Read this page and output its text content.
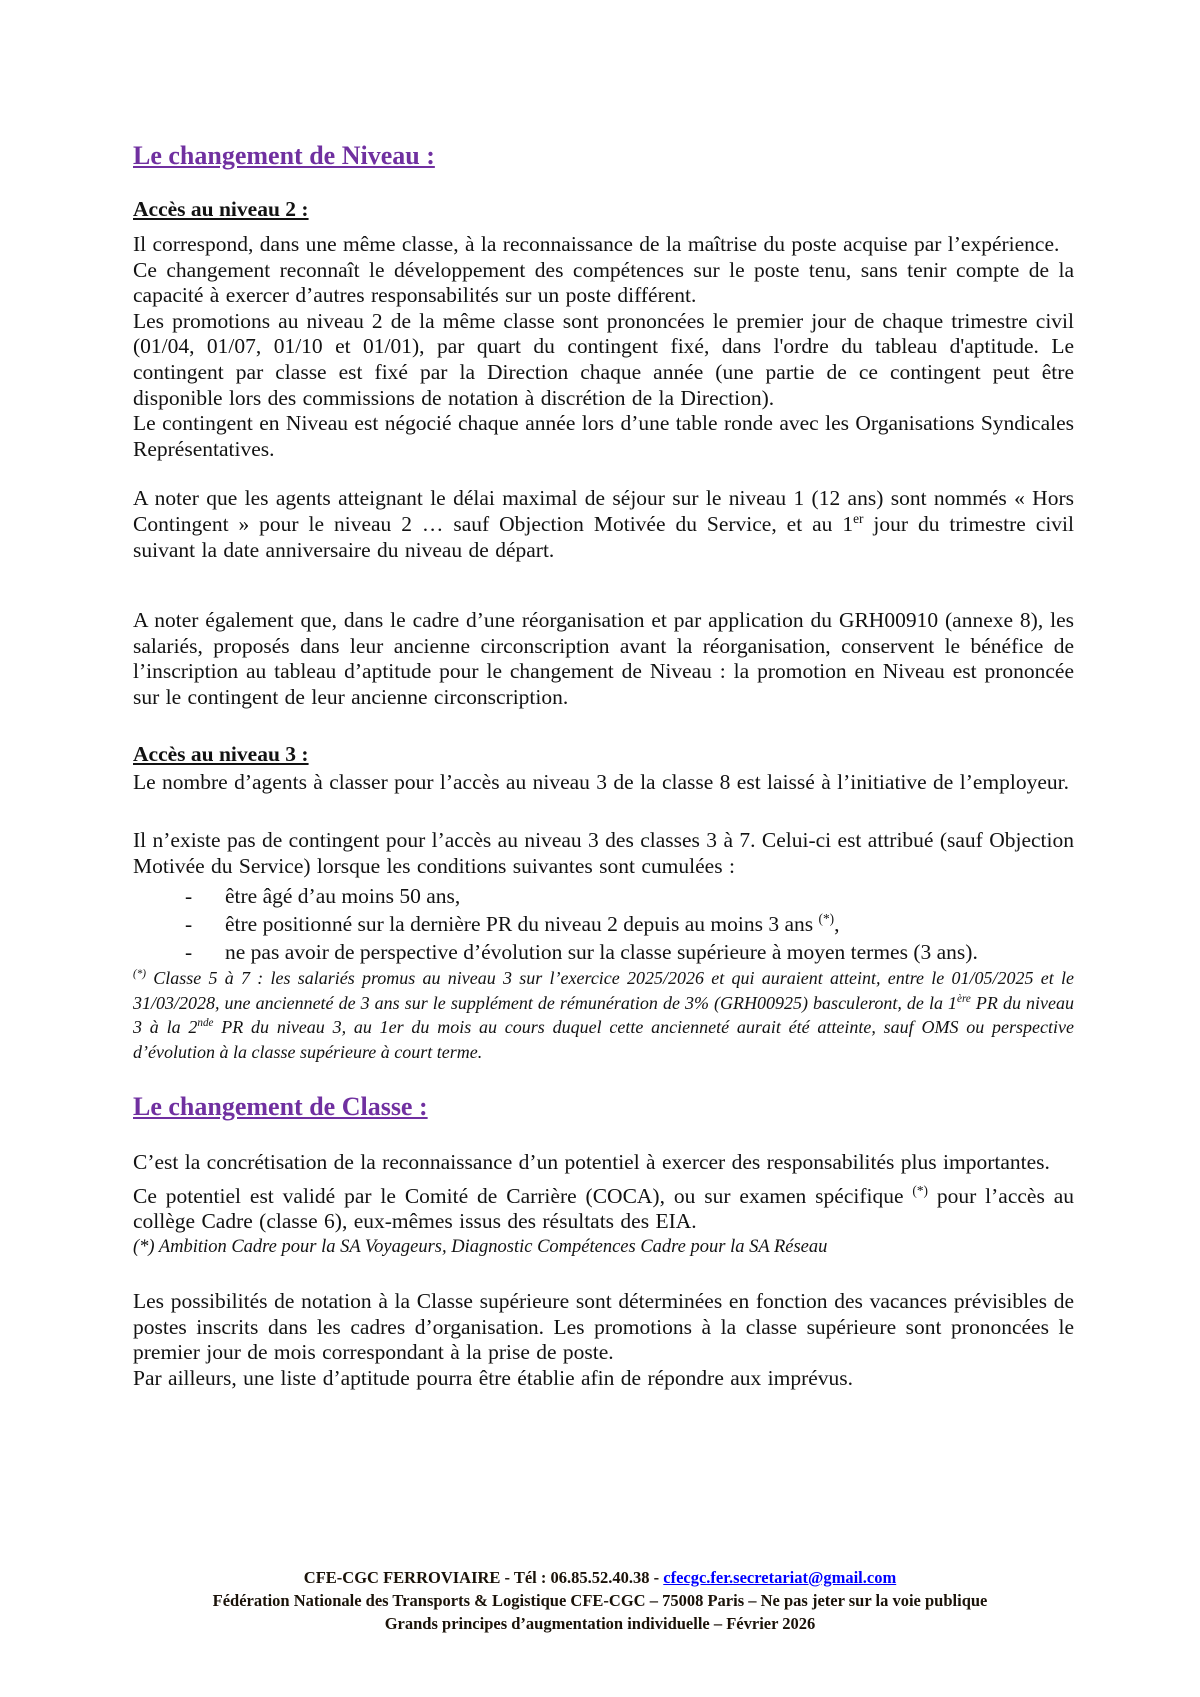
Le changement de Niveau :
Accès au niveau 2 :

Il correspond, dans une même classe, à la reconnaissance de la maîtrise du poste acquise par l’expérience.

Ce changement reconnaît le développement des compétences sur le poste tenu, sans tenir compte de la capacité à exercer d’autres responsabilités sur un poste différent.

Les promotions au niveau 2 de la même classe sont prononcées le premier jour de chaque trimestre civil (01/04, 01/07, 01/10 et 01/01), par quart du contingent fixé, dans l'ordre du tableau d'aptitude. Le contingent par classe est fixé par la Direction chaque année (une partie de ce contingent peut être disponible lors des commissions de notation à discrétion de la Direction).

Le contingent en Niveau est négocié chaque année lors d’une table ronde avec les Organisations Syndicales Représentatives.

A noter que les agents atteignant le délai maximal de séjour sur le niveau 1 (12 ans) sont nommés « Hors Contingent » pour le niveau 2 … sauf Objection Motivée du Service, et au 1er jour du trimestre civil suivant la date anniversaire du niveau de départ.

A noter également que, dans le cadre d’une réorganisation et par application du GRH00910 (annexe 8), les salariés, proposés dans leur ancienne circonscription avant la réorganisation, conservent le bénéfice de l’inscription au tableau d’aptitude pour le changement de Niveau : la promotion en Niveau est prononcée sur le contingent de leur ancienne circonscription.

Accès au niveau 3 :

Le nombre d’agents à classer pour l’accès au niveau 3 de la classe 8 est laissé à l’initiative de l’employeur.

Il n’existe pas de contingent pour l’accès au niveau 3 des classes 3 à 7. Celui-ci est attribué (sauf Objection Motivée du Service) lorsque les conditions suivantes sont cumulées :

-	être âgé d’au moins 50 ans,
-	être positionné sur la dernière PR du niveau 2 depuis au moins 3 ans (*),
-	ne pas avoir de perspective d’évolution sur la classe supérieure à moyen termes (3 ans).

(*) Classe 5 à 7 : les salariés promus au niveau 3 sur l’exercice 2025/2026 et qui auraient atteint, entre le 01/05/2025 et le 31/03/2028, une ancienneté de 3 ans sur le supplément de rémunération de 3% (GRH00925) basculeront, de la 1ère PR du niveau 3 à la 2nde PR du niveau 3, au 1er du mois au cours duquel cette ancienneté aurait été atteinte, sauf OMS ou perspective d’évolution à la classe supérieure à court terme.

Le changement de Classe :

C’est la concrétisation de la reconnaissance d’un potentiel à exercer des responsabilités plus importantes.

Ce potentiel est validé par le Comité de Carrière (COCA), ou sur examen spécifique (*) pour l’accès au collège Cadre (classe 6), eux-mêmes issus des résultats des EIA.

(*) Ambition Cadre pour la SA Voyageurs, Diagnostic Compétences Cadre pour la SA Réseau

Les possibilités de notation à la Classe supérieure sont déterminées en fonction des vacances prévisibles de postes inscrits dans les cadres d’organisation. Les promotions à la classe supérieure sont prononcées le premier jour de mois correspondant à la prise de poste.

Par ailleurs, une liste d’aptitude pourra être établie afin de répondre aux imprévus.

CFE-CGC FERROVIAIRE - Tél : 06.85.52.40.38 - cfecgc.fer.secretariat@gmail.com
Fédération Nationale des Transports & Logistique CFE-CGC – 75008 Paris – Ne pas jeter sur la voie publique
Grands principes d’augmentation individuelle – Février 2026
